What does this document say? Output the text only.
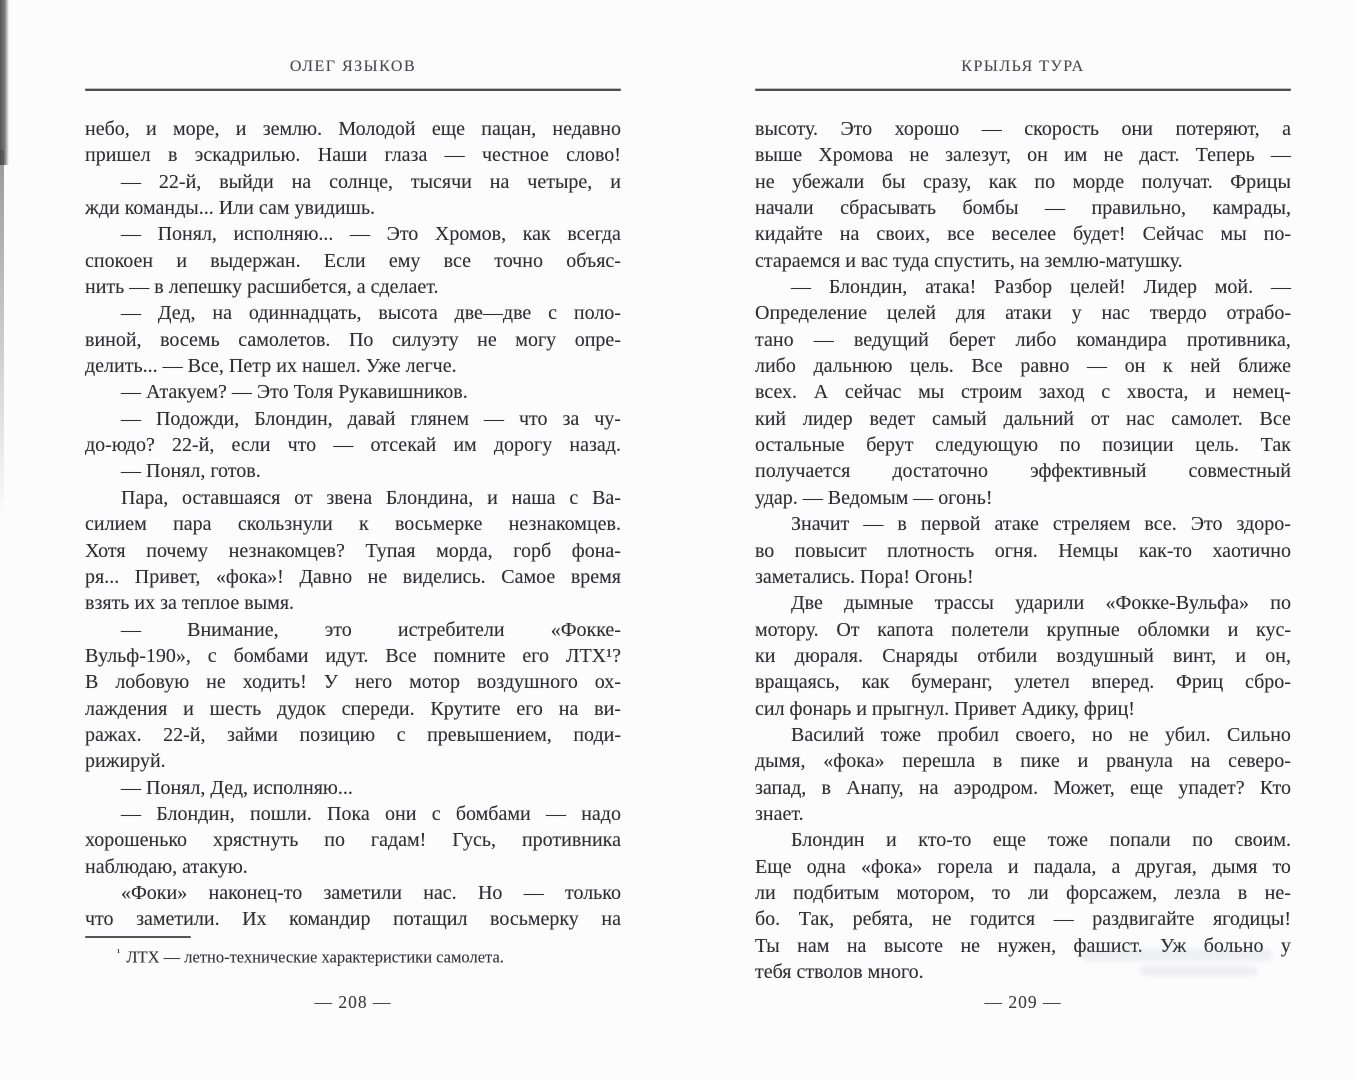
ОЛЕГ ЯЗЫКОВ
небо, и море, и землю. Молодой еще пацан, недавно
пришел в эскадрилью. Наши глаза — честное слово!
— 22-й, выйди на солнце, тысячи на четыре, и
жди команды... Или сам увидишь.
— Понял, исполняю... — Это Хромов, как всегда
спокоен и выдержан. Если ему все точно объяс-
нить — в лепешку расшибется, а сделает.
— Дед, на одиннадцать, высота две—две с поло-
виной, восемь самолетов. По силуэту не могу опре-
делить... — Все, Петр их нашел. Уже легче.
— Атакуем? — Это Толя Рукавишников.
— Подожди, Блондин, давай глянем — что за чу-
до-юдо? 22-й, если что — отсекай им дорогу назад.
— Понял, готов.
Пара, оставшаяся от звена Блондина, и наша с Ва-
силием пара скользнули к восьмерке незнакомцев.
Хотя почему незнакомцев? Тупая морда, горб фона-
ря... Привет, «фока»! Давно не виделись. Самое время
взять их за теплое вымя.
— Внимание, это истребители «Фокке-
Вульф-190», с бомбами идут. Все помните его ЛТХ¹?
В лобовую не ходить! У него мотор воздушного ох-
лаждения и шесть дудок спереди. Крутите его на ви-
ражах. 22-й, займи позицию с превышением, поди-
рижируй.
— Понял, Дед, исполняю...
— Блондин, пошли. Пока они с бомбами — надо
хорошенько хрястнуть по гадам! Гусь, противника
наблюдаю, атакую.
«Фоки» наконец-то заметили нас. Но — только
что заметили. Их командир потащил восьмерку на
$^{^1}$ ЛТХ — летно-технические характеристики самолета.
— 208 —
КРЫЛЬЯ ТУРА
высоту. Это хорошо — скорость они потеряют, а
выше Хромова не залезут, он им не даст. Теперь —
не убежали бы сразу, как по морде получат. Фрицы
начали сбрасывать бомбы — правильно, камрады,
кидайте на своих, все веселее будет! Сейчас мы по-
стараемся и вас туда спустить, на землю-матушку.
— Блондин, атака! Разбор целей! Лидер мой. —
Определение целей для атаки у нас твердо отрабо-
тано — ведущий берет либо командира противника,
либо дальнюю цель. Все равно — он к ней ближе
всех. А сейчас мы строим заход с хвоста, и немец-
кий лидер ведет самый дальний от нас самолет. Все
остальные берут следующую по позиции цель. Так
получается достаточно эффективный совместный
удар. — Ведомым — огонь!
Значит — в первой атаке стреляем все. Это здоро-
во повысит плотность огня. Немцы как-то хаотично
заметались. Пора! Огонь!
Две дымные трассы ударили «Фокке-Вульфа» по
мотору. От капота полетели крупные обломки и кус-
ки дюраля. Снаряды отбили воздушный винт, и он,
вращаясь, как бумеранг, улетел вперед. Фриц сбро-
сил фонарь и прыгнул. Привет Адику, фриц!
Василий тоже пробил своего, но не убил. Сильно
дымя, «фока» перешла в пике и рванула на северо-
запад, в Анапу, на аэродром. Может, еще упадет? Кто
знает.
Блондин и кто-то еще тоже попали по своим.
Еще одна «фока» горела и падала, а другая, дымя то
ли подбитым мотором, то ли форсажем, лезла в не-
бо. Так, ребята, не годится — раздвигайте ягодицы!
Ты нам на высоте не нужен, фашист. Уж больно у
тебя стволов много.
— 209 —
